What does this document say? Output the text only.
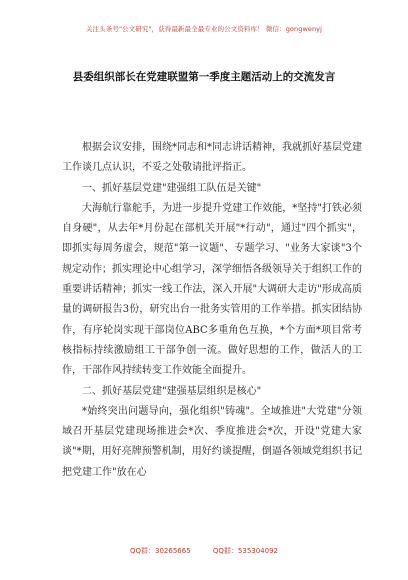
关注头条号"公文研究"，获得最新最全最专业的公文资料库！ 微信：gongwenyj
县委组织部长在党建联盟第一季度主题活动上的交流发言

根据会议安排，围绕*同志和*同志讲话精神，我就抓好基层党建工作谈几点认识，不妥之处敬请批评指正。

一、抓好基层党建"建强组工队伍是关键"

大海航行靠舵手，为进一步提升党建工作效能，*坚持"打铁必须自身硬"，从去年*月份起在部机关开展"*行动"，通过"四个抓实"，即抓实每周务虚会，规范"第一议题"、专题学习、"业务大家谈"3个规定动作；抓实理论中心组学习，深学细悟各级领导关于组织工作的重要讲话精神；抓实一线工作法，深入开展"大调研大走访"形成高质量的调研报告3份，研究出台一批务实管用的工作举措。抓实团结协作，有序轮岗实现干部岗位ABC多重角色互换，*个方面*项目常考核指标持续激励组工干部争创一流。做好思想的工作，做活人的工作，干部作风持续转变工作效能全面提升。

二、抓好基层党建"建强基层组织是核心"

*始终突出问题导向，强化组织"铸魂"。全域推进"大党建"分领域召开基层党建现场推进会*次、季度推进会*次，开设"党建大家谈"*期，用好亮牌预警机制，用好约谈提醒，倒逼各领域党组织书记把党建工作"放在心

QQ群：30265665	QQ群：535304092
